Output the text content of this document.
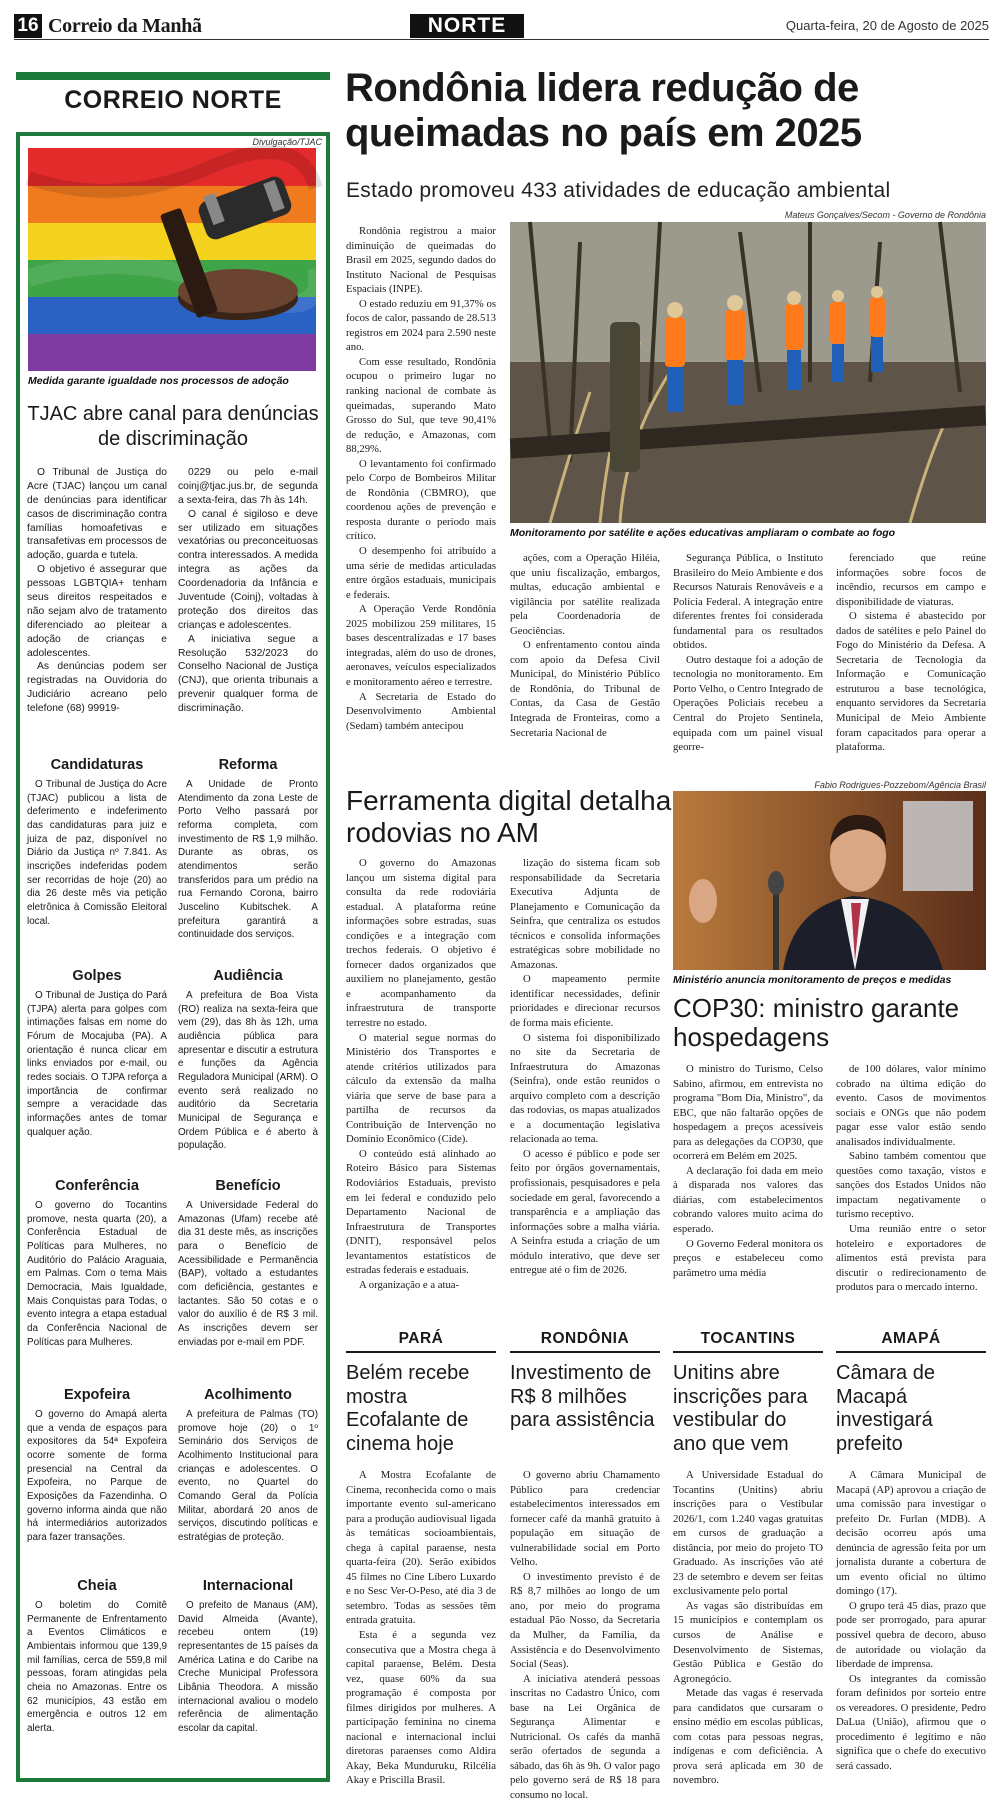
16 Correio da Manhã	NORTE	Quarta-feira, 20 de Agosto de 2025
CORREIO NORTE
Divulgação/TJAC
Medida garante igualdade nos processos de adoção
TJAC abre canal para denúncias de discriminação

O Tribunal de Justiça do Acre (TJAC) lançou um canal de denúncias para identificar casos de discriminação contra famílias homoafetivas e transafetivas em processos de adoção, guarda e tutela.

O objetivo é assegurar que pessoas LGBTQIA+ tenham seus direitos respeitados e não sejam alvo de tratamento diferenciado ao pleitear a adoção de crianças e adolescentes.

As denúncias podem ser registradas na Ouvidoria do Judiciário acreano pelo telefone (68) 99919-

0229 ou pelo e-mail coinj@tjac.jus.br, de segunda a sexta-feira, das 7h às 14h.

O canal é sigiloso e deve ser utilizado em situações vexatórias ou preconceituosas contra interessados. A medida integra as ações da Coordenadoria da Infância e Juventude (Coinj), voltadas à proteção dos direitos das crianças e adolescentes.

A iniciativa segue a Resolução 532/2023 do Conselho Nacional de Justiça (CNJ), que orienta tribunais a prevenir qualquer forma de discriminação.

Candidaturas

O Tribunal de Justiça do Acre (TJAC) publicou a lista de deferimento e indeferimento das candidaturas para juiz e juiza de paz, disponível no Diário da Justiça nº 7.841. As inscrições indeferidas podem ser recorridas de hoje (20) ao dia 26 deste mês via petição eletrônica à Comissão Eleitoral local.

Reforma

A Unidade de Pronto Atendimento da zona Leste de Porto Velho passará por reforma completa, com investimento de R$ 1,9 milhão. Durante as obras, os atendimentos serão transferidos para um prédio na rua Fernando Corona, bairro Juscelino Kubitschek. A prefeitura garantirá a continuidade dos serviços.

Golpes

O Tribunal de Justiça do Pará (TJPA) alerta para golpes com intimações falsas em nome do Fórum de Mocajuba (PA). A orientação é nunca clicar em links enviados por e-mail, ou redes sociais. O TJPA reforça a importância de confirmar sempre a veracidade das informações antes de tomar qualquer ação.

Audiência

A prefeitura de Boa Vista (RO) realiza na sexta-feira que vem (29), das 8h às 12h, uma audiência pública para apresentar e discutir a estrutura e funções da Agência Reguladora Municipal (ARM). O evento será realizado no auditório da Secretaria Municipal de Segurança e Ordem Pública e é aberto à população.

Conferência

O governo do Tocantins promove, nesta quarta (20), a Conferência Estadual de Políticas para Mulheres, no Auditório do Palácio Araguaia, em Palmas. Com o tema Mais Democracia, Mais Igualdade, Mais Conquistas para Todas, o evento integra a etapa estadual da Conferência Nacional de Políticas para Mulheres.

Benefício

A Universidade Federal do Amazonas (Ufam) recebe até dia 31 deste mês, as inscrições para o Benefício de Acessibilidade e Permanência (BAP), voltado a estudantes com deficiência, gestantes e lactantes. São 50 cotas e o valor do auxílio é de R$ 3 mil. As inscrições devem ser enviadas por e-mail em PDF.

Expofeira

O governo do Amapá alerta que a venda de espaços para expositores da 54ª Expofeira ocorre somente de forma presencial na Central da Expofeira, no Parque de Exposições da Fazendinha. O governo informa ainda que não há intermediários autorizados para fazer transações.

Acolhimento

A prefeitura de Palmas (TO) promove hoje (20) o 1º Seminário dos Serviços de Acolhimento Institucional para crianças e adolescentes. O evento, no Quartel do Comando Geral da Polícia Militar, abordará 20 anos de serviços, discutindo políticas e estratégias de proteção.

Cheia

O boletim do Comitê Permanente de Enfrentamento a Eventos Climáticos e Ambientais informou que 139,9 mil famílias, cerca de 559,8 mil pessoas, foram atingidas pela cheia no Amazonas. Entre os 62 municípios, 43 estão em emergência e outros 12 em alerta.

Internacional

O prefeito de Manaus (AM), David Almeida (Avante), recebeu ontem (19) representantes de 15 países da América Latina e do Caribe na Creche Municipal Professora Libânia Theodora. A missão internacional avaliou o modelo referência de alimentação escolar da capital.

Rondônia lidera redução de queimadas no país em 2025
Estado promoveu 433 atividades de educação ambiental
Mateus Gonçalves/Secom - Governo de Rondônia

Rondônia registrou a maior diminuição de queimadas do Brasil em 2025, segundo dados do Instituto Nacional de Pesquisas Espaciais (INPE).

O estado reduziu em 91,37% os focos de calor, passando de 28.513 registros em 2024 para 2.590 neste ano.

Com esse resultado, Rondônia ocupou o primeiro lugar no ranking nacional de combate às queimadas, superando Mato Grosso do Sul, que teve 90,41% de redução, e Amazonas, com 88,29%.

O levantamento foi confirmado pelo Corpo de Bombeiros Militar de Rondônia (CBMRO), que coordenou ações de prevenção e resposta durante o período mais crítico.

O desempenho foi atribuído a uma série de medidas articuladas entre órgãos estaduais, municipais e federais.

A Operação Verde Rondônia 2025 mobilizou 259 militares, 15 bases descentralizadas e 17 bases integradas, além do uso de drones, aeronaves, veículos especializados e monitoramento aéreo e terrestre.

A Secretaria de Estado do Desenvolvimento Ambiental (Sedam) também antecipou

Monitoramento por satélite e ações educativas ampliaram o combate ao fogo

ações, com a Operação Hiléia, que uniu fiscalização, embargos, multas, educação ambiental e vigilância por satélite realizada pela Coordenadoria de Geociências.

O enfrentamento contou ainda com apoio da Defesa Civil Municipal, do Ministério Público de Rondônia, do Tribunal de Contas, da Casa de Gestão Integrada de Fronteiras, como a Secretaria Nacional de

Segurança Pública, o Instituto Brasileiro do Meio Ambiente e dos Recursos Naturais Renováveis e a Polícia Federal. A integração entre diferentes frentes foi considerada fundamental para os resultados obtidos.

Outro destaque foi a adoção de tecnologia no monitoramento. Em Porto Velho, o Centro Integrado de Operações Policiais recebeu a Central do Projeto Sentinela, equipada com um painel visual georre-

ferenciado que reúne informações sobre focos de incêndio, recursos em campo e disponibilidade de viaturas.

O sistema é abastecido por dados de satélites e pelo Painel do Fogo do Ministério da Defesa. A Secretaria de Tecnologia da Informação e Comunicação estruturou a base tecnológica, enquanto servidores da Secretaria Municipal de Meio Ambiente foram capacitados para operar a plataforma.

Ferramenta digital detalha rodovias no AM

O governo do Amazonas lançou um sistema digital para consulta da rede rodoviária estadual. A plataforma reúne informações sobre estradas, suas condições e a integração com trechos federais. O objetivo é fornecer dados organizados que auxiliem no planejamento, gestão e acompanhamento da infraestrutura de transporte terrestre no estado.

O material segue normas do Ministério dos Transportes e atende critérios utilizados para cálculo da extensão da malha viária que serve de base para a partilha de recursos da Contribuição de Intervenção no Domínio Econômico (Cide).

O conteúdo está alinhado ao Roteiro Básico para Sistemas Rodoviários Estaduais, previsto em lei federal e conduzido pelo Departamento Nacional de Infraestrutura de Transportes (DNIT), responsável pelos levantamentos estatísticos de estradas federais e estaduais.

A organização e a atua-

lização do sistema ficam sob responsabilidade da Secretaria Executiva Adjunta de Planejamento e Comunicação da Seinfra, que centraliza os estudos técnicos e consolida informações estratégicas sobre mobilidade no Amazonas.

O mapeamento permite identificar necessidades, definir prioridades e direcionar recursos de forma mais eficiente.

O sistema foi disponibilizado no site da Secretaria de Infraestrutura do Amazonas (Seinfra), onde estão reunidos o arquivo completo com a descrição das rodovias, os mapas atualizados e a documentação legislativa relacionada ao tema.

O acesso é público e pode ser feito por órgãos governamentais, profissionais, pesquisadores e pela sociedade em geral, favorecendo a transparência e a ampliação das informações sobre a malha viária. A Seinfra estuda a criação de um módulo interativo, que deve ser entregue até o fim de 2026.

Fabio Rodrigues-Pozzebom/Agência Brasil
Ministério anuncia monitoramento de preços e medidas
COP30: ministro garante hospedagens

O ministro do Turismo, Celso Sabino, afirmou, em entrevista no programa "Bom Dia, Ministro", da EBC, que não faltarão opções de hospedagem a preços acessíveis para as delegações da COP30, que ocorrerá em Belém em 2025.

A declaração foi dada em meio à disparada nos valores das diárias, com estabelecimentos cobrando valores muito acima do esperado.

O Governo Federal monitora os preços e estabeleceu como parâmetro uma média

de 100 dólares, valor mínimo cobrado na última edição do evento. Casos de movimentos sociais e ONGs que não podem pagar esse valor estão sendo analisados individualmente.

Sabino também comentou que questões como taxação, vistos e sanções dos Estados Unidos não impactam negativamente o turismo receptivo.

Uma reunião entre o setor hoteleiro e exportadores de alimentos está prevista para discutir o redirecionamento de produtos para o mercado interno.

PARÁ
Belém recebe mostra Ecofalante de cinema hoje

A Mostra Ecofalante de Cinema, reconhecida como o mais importante evento sul-americano para a produção audiovisual ligada às temáticas socioambientais, chega à capital paraense, nesta quarta-feira (20). Serão exibidos 45 filmes no Cine Líbero Luxardo e no Sesc Ver-O-Peso, até dia 3 de setembro. Todas as sessões têm entrada gratuita.

Esta é a segunda vez consecutiva que a Mostra chega à capital paraense, Belém. Desta vez, quase 60% da sua programação é composta por filmes dirigidos por mulheres. A participação feminina no cinema nacional e internacional inclui diretoras paraenses como Aldira Akay, Beka Munduruku, Rilcélia Akay e Priscilla Brasil.

RONDÔNIA
Investimento de R$ 8 milhões para assistência

O governo abriu Chamamento Público para credenciar estabelecimentos interessados em fornecer café da manhã gratuito à população em situação de vulnerabilidade social em Porto Velho.

O investimento previsto é de R$ 8,7 milhões ao longo de um ano, por meio do programa estadual Pão Nosso, da Secretaria da Mulher, da Família, da Assistência e do Desenvolvimento Social (Seas).

A iniciativa atenderá pessoas inscritas no Cadastro Único, com base na Lei Orgânica de Segurança Alimentar e Nutricional. Os cafés da manhã serão ofertados de segunda a sábado, das 6h às 9h. O valor pago pelo governo será de R$ 18 para consumo no local.

TOCANTINS
Unitins abre inscrições para vestibular do ano que vem

A Universidade Estadual do Tocantins (Unitins) abriu inscrições para o Vestibular 2026/1, com 1.240 vagas gratuitas em cursos de graduação a distância, por meio do projeto TO Graduado. As inscrições vão até 23 de setembro e devem ser feitas exclusivamente pelo portal

As vagas são distribuídas em 15 municípios e contemplam os cursos de Análise e Desenvolvimento de Sistemas, Gestão Pública e Gestão do Agronegócio.

Metade das vagas é reservada para candidatos que cursaram o ensino médio em escolas públicas, com cotas para pessoas negras, indígenas e com deficiência. A prova será aplicada em 30 de novembro.

AMAPÁ
Câmara de Macapá investigará prefeito

A Câmara Municipal de Macapá (AP) aprovou a criação de uma comissão para investigar o prefeito Dr. Furlan (MDB). A decisão ocorreu após uma denúncia de agressão feita por um jornalista durante a cobertura de um evento oficial no último domingo (17).

O grupo terá 45 dias, prazo que pode ser prorrogado, para apurar possível quebra de decoro, abuso de autoridade ou violação da liberdade de imprensa.

Os integrantes da comissão foram definidos por sorteio entre os vereadores. O presidente, Pedro DaLua (União), afirmou que o procedimento é legítimo e não significa que o chefe do executivo será cassado.
